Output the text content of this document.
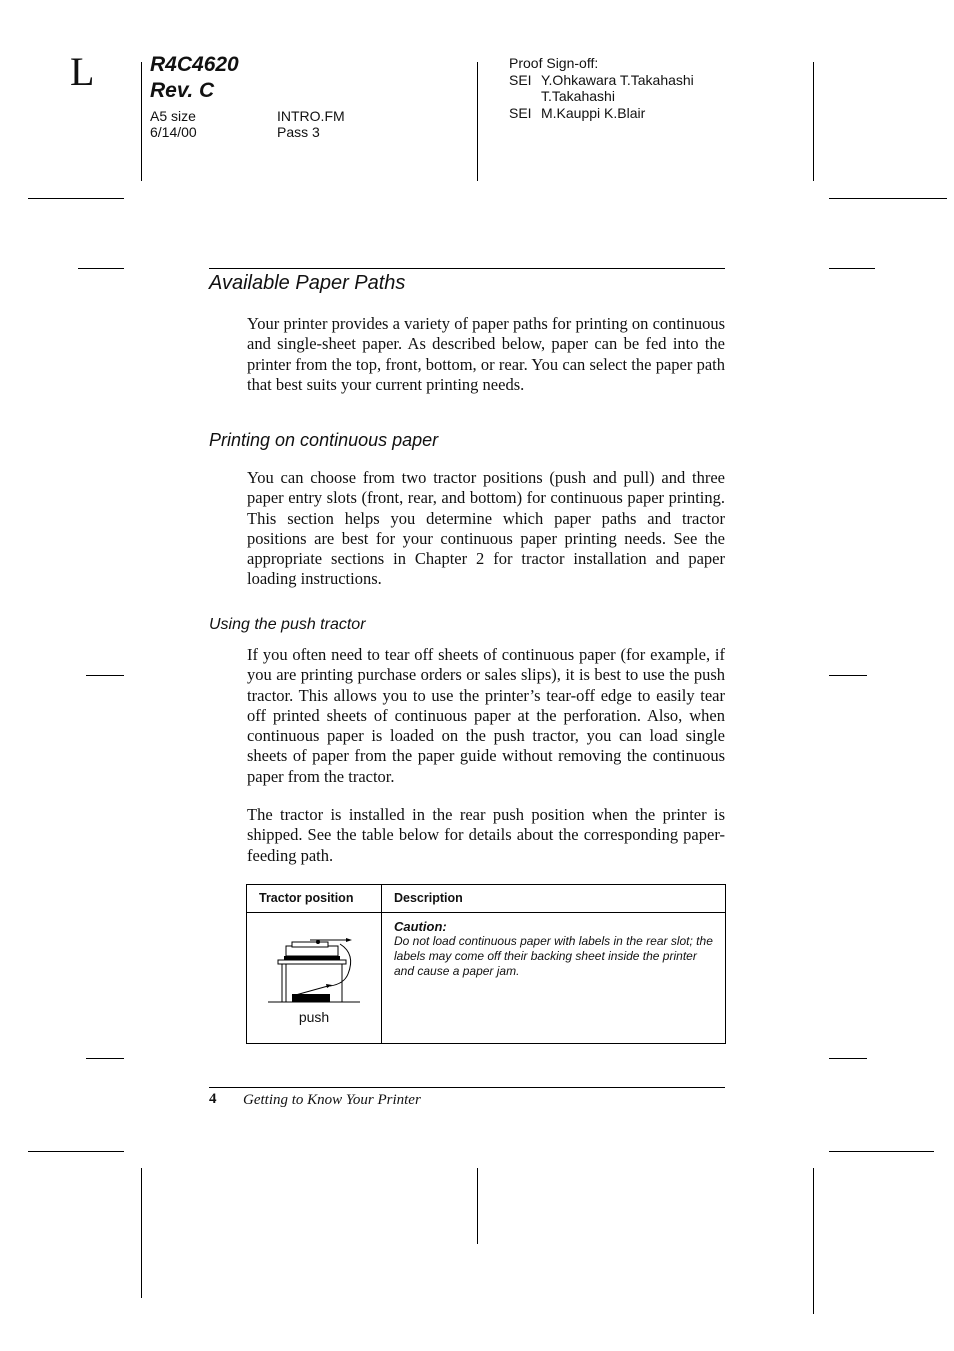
L	R4C4620
Rev. C
A5 size
6/14/00
INTRO.FM
Pass 3
Proof Sign-off:
SEI Y.Ohkawara T.Takahashi
T.Takahashi
SEI M.Kauppi K.Blair
Available Paper Paths
Your printer provides a variety of paper paths for printing on continuous and single-sheet paper. As described below, paper can be fed into the printer from the top, front, bottom, or rear. You can select the paper path that best suits your current printing needs.
Printing on continuous paper
You can choose from two tractor positions (push and pull) and three paper entry slots (front, rear, and bottom) for continuous paper printing. This section helps you determine which paper paths and tractor positions are best for your continuous paper printing needs. See the appropriate sections in Chapter 2 for tractor installation and paper loading instructions.
Using the push tractor
If you often need to tear off sheets of continuous paper (for example, if you are printing purchase orders or sales slips), it is best to use the push tractor. This allows you to use the printer’s tear-off edge to easily tear off printed sheets of continuous paper at the perforation. Also, when continuous paper is loaded on the push tractor, you can load single sheets of paper from the paper guide without removing the continuous paper from the tractor.
The tractor is installed in the rear push position when the printer is shipped. See the table below for details about the corresponding paper-feeding path.
Tractor position	Description

push	Caution:
Do not load continuous paper with labels in the rear slot; the labels may come off their backing sheet inside the printer and cause a paper jam.
4 Getting to Know Your Printer
